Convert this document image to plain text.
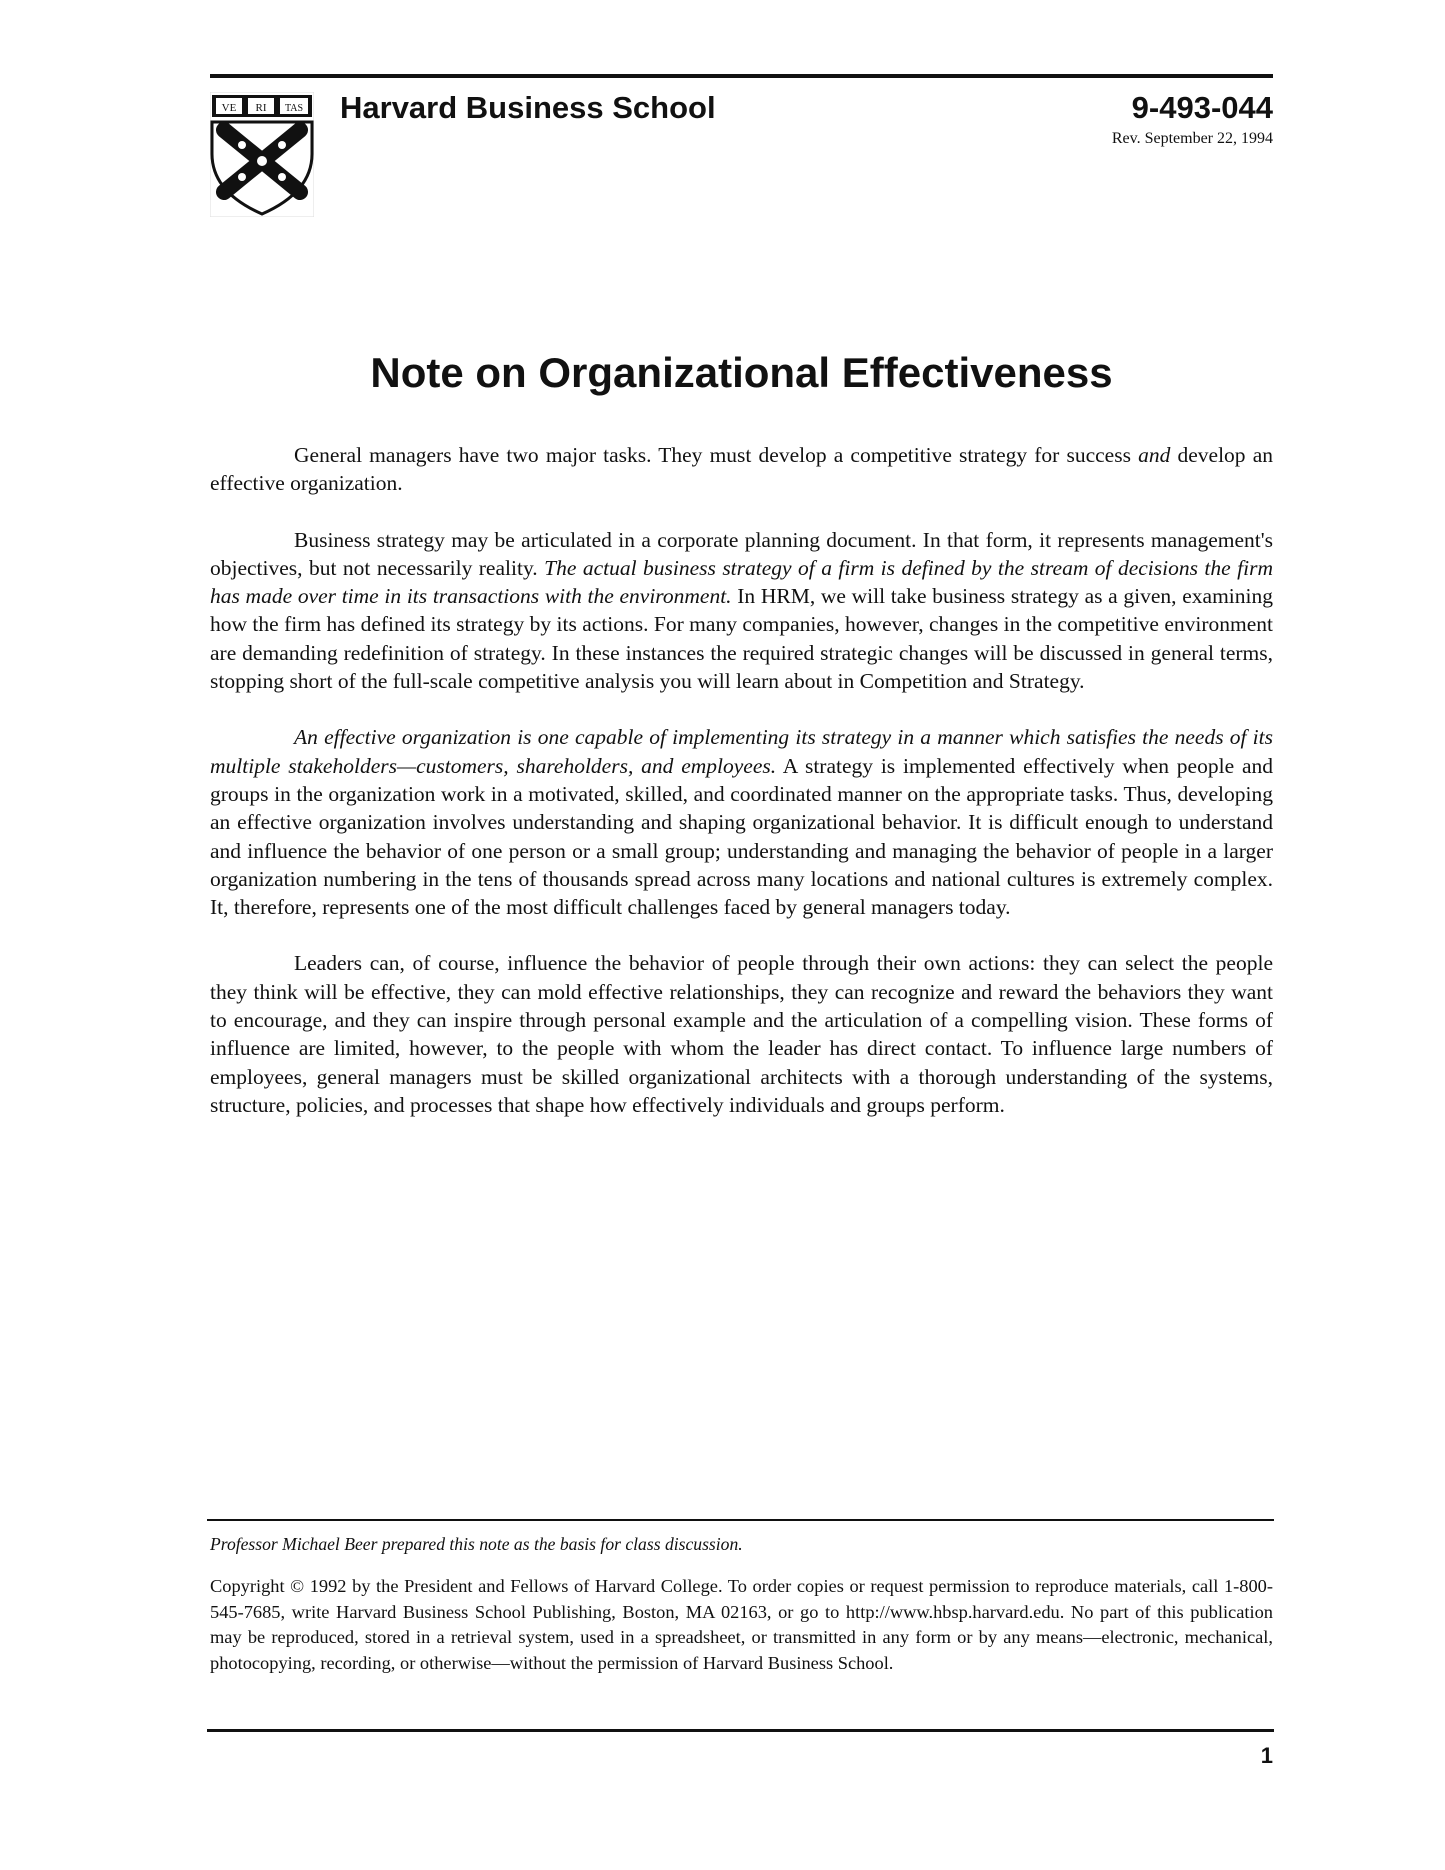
VE RI TAS Harvard Business School	9-493-044
Rev. September 22, 1994
Note on Organizational Effectiveness

General managers have two major tasks. They must develop a competitive strategy for success and develop an effective organization.

Business strategy may be articulated in a corporate planning document. In that form, it represents management's objectives, but not necessarily reality. The actual business strategy of a firm is defined by the stream of decisions the firm has made over time in its transactions with the environment. In HRM, we will take business strategy as a given, examining how the firm has defined its strategy by its actions. For many companies, however, changes in the competitive environment are demanding redefinition of strategy. In these instances the required strategic changes will be discussed in general terms, stopping short of the full-scale competitive analysis you will learn about in Competition and Strategy.

An effective organization is one capable of implementing its strategy in a manner which satisfies the needs of its multiple stakeholders—customers, shareholders, and employees. A strategy is implemented effectively when people and groups in the organization work in a motivated, skilled, and coordinated manner on the appropriate tasks. Thus, developing an effective organization involves understanding and shaping organizational behavior. It is difficult enough to understand and influence the behavior of one person or a small group; understanding and managing the behavior of people in a larger organization numbering in the tens of thousands spread across many locations and national cultures is extremely complex. It, therefore, represents one of the most difficult challenges faced by general managers today.

Leaders can, of course, influence the behavior of people through their own actions: they can select the people they think will be effective, they can mold effective relationships, they can recognize and reward the behaviors they want to encourage, and they can inspire through personal example and the articulation of a compelling vision. These forms of influence are limited, however, to the people with whom the leader has direct contact. To influence large numbers of employees, general managers must be skilled organizational architects with a thorough understanding of the systems, structure, policies, and processes that shape how effectively individuals and groups perform.

Professor Michael Beer prepared this note as the basis for class discussion.
Copyright © 1992 by the President and Fellows of Harvard College. To order copies or request permission to reproduce materials, call 1-800-545-7685, write Harvard Business School Publishing, Boston, MA 02163, or go to http://www.hbsp.harvard.edu. No part of this publication may be reproduced, stored in a retrieval system, used in a spreadsheet, or transmitted in any form or by any means—electronic, mechanical, photocopying, recording, or otherwise—without the permission of Harvard Business School.
1
